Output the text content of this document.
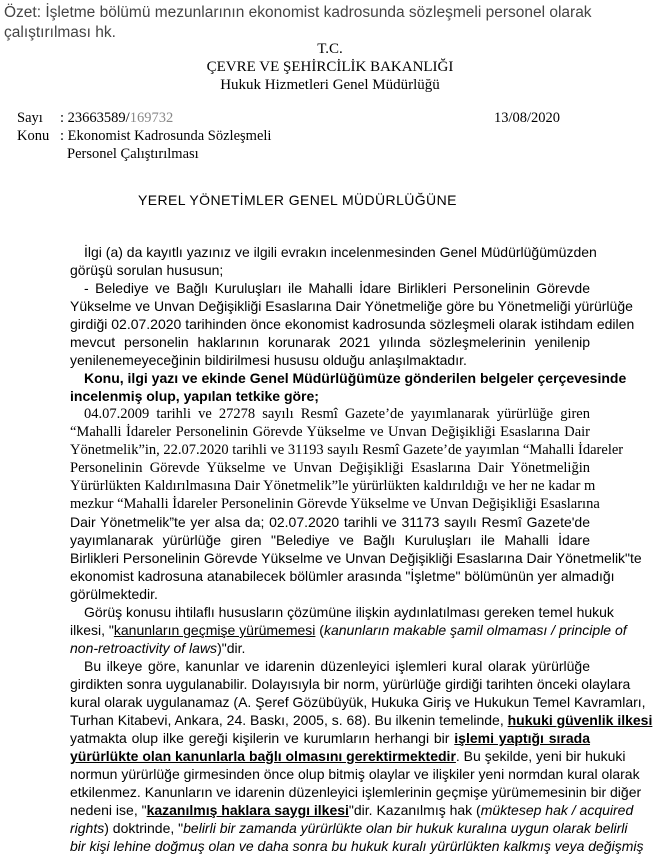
Özet: İşletme bölümü mezunlarının ekonomist kadrosunda sözleşmeli personel olarak
çalıştırılması hk.
T.C.
ÇEVRE VE ŞEHİRCİLİK BAKANLIĞI
Hukuk Hizmetleri Genel Müdürlüğü
Sayı : 23663589/169732	13/08/2020
Konu : Ekonomist Kadrosunda Sözleşmeli
Personel Çalıştırılması
YEREL YÖNETİMLER GENEL MÜDÜRLÜĞÜNE
İlgi (a) da kayıtlı yazınız ve ilgili evrakın incelenmesinden Genel Müdürlüğümüzden
görüşü sorulan hususun;
- Belediye ve Bağlı Kuruluşları ile Mahalli İdare Birlikleri Personelinin Görevde
Yükselme ve Unvan Değişikliği Esaslarına Dair Yönetmeliğe göre bu Yönetmeliği yürürlüğe
girdiği 02.07.2020 tarihinden önce ekonomist kadrosunda sözleşmeli olarak istihdam edilen
mevcut personelin haklarının korunarak 2021 yılında sözleşmelerinin yenilenip
yenilenemeyeceğinin bildirilmesi hususu olduğu anlaşılmaktadır.
Konu, ilgi yazı ve ekinde Genel Müdürlüğümüze gönderilen belgeler çerçevesinde
incelenmiş olup, yapılan tetkike göre;
04.07.2009 tarihli ve 27278 sayılı Resmî Gazete’de yayımlanarak yürürlüğe giren
“Mahalli İdareler Personelinin Görevde Yükselme ve Unvan Değişikliği Esaslarına Dair
Yönetmelik”in, 22.07.2020 tarihli ve 31193 sayılı Resmî Gazete’de yayımlan “Mahalli İdareler
Personelinin Görevde Yükselme ve Unvan Değişikliği Esaslarına Dair Yönetmeliğin
Yürürlükten Kaldırılmasına Dair Yönetmelik”le yürürlükten kaldırıldığı ve her ne kadar m
mezkur “Mahalli İdareler Personelinin Görevde Yükselme ve Unvan Değişikliği Esaslarına
Dair Yönetmelik”te yer alsa da; 02.07.2020 tarihli ve 31173 sayılı Resmî Gazete'de
yayımlanarak yürürlüğe giren "Belediye ve Bağlı Kuruluşları ile Mahalli İdare
Birlikleri Personelinin Görevde Yükselme ve Unvan Değişikliği Esaslarına Dair Yönetmelik"te
ekonomist kadrosuna atanabilecek bölümler arasında "İşletme" bölümünün yer almadığı
görülmektedir.
Görüş konusu ihtilaflı hususların çözümüne ilişkin aydınlatılması gereken temel hukuk
ilkesi, "kanunların geçmişe yürümemesi (kanunların makable şamil olmaması / principle of
non-retroactivity of laws)"dir.
Bu ilkeye göre, kanunlar ve idarenin düzenleyici işlemleri kural olarak yürürlüğe
girdikten sonra uygulanabilir. Dolayısıyla bir norm, yürürlüğe girdiği tarihten önceki olaylara
kural olarak uygulanamaz (A. Şeref Gözübüyük, Hukuka Giriş ve Hukukun Temel Kavramları,
Turhan Kitabevi, Ankara, 24. Baskı, 2005, s. 68). Bu ilkenin temelinde, hukuki güvenlik ilkesi
yatmakta olup ilke gereği kişilerin ve kurumların herhangi bir işlemi yaptığı sırada
yürürlükte olan kanunlarla bağlı olmasını gerektirmektedir. Bu şekilde, yeni bir hukuki
normun yürürlüğe girmesinden önce olup bitmiş olaylar ve ilişkiler yeni normdan kural olarak
etkilenmez. Kanunların ve idarenin düzenleyici işlemlerinin geçmişe yürümemesinin bir diğer
nedeni ise, "kazanılmış haklara saygı ilkesi"dir. Kazanılmış hak (müktesep hak / acquired
rights) doktrinde, "belirli bir zamanda yürürlükte olan bir hukuk kuralına uygun olarak belirli
bir kişi lehine doğmuş olan ve daha sonra bu hukuk kuralı yürürlükten kalkmış veya değişmiş
